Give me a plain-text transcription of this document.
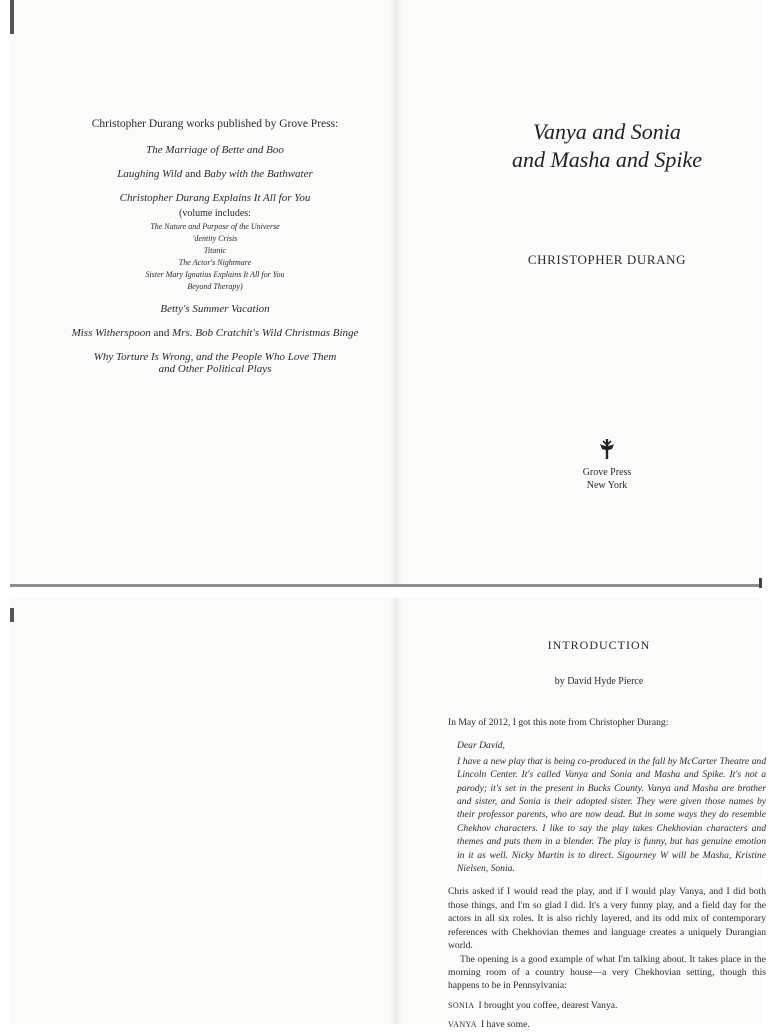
Christopher Durang works published by Grove Press:

The Marriage of Bette and Boo

Laughing Wild and Baby with the Bathwater

Christopher Durang Explains It All for You

(volume includes:

The Nature and Purpose of the Universe

'dentity Crisis

Titanic

The Actor's Nightmare

Sister Mary Ignatius Explains It All for You

Beyond Therapy)

Betty's Summer Vacation

Miss Witherspoon and Mrs. Bob Cratchit's Wild Christmas Binge

Why Torture Is Wrong, and the People Who Love Them
and Other Political Plays

Vanya and Sonia

and Masha and Spike

CHRISTOPHER DURANG

Grove Press

New York

INTRODUCTION
by David Hyde Pierce

In May of 2012, I got this note from Christopher Durang:

Dear David,
I have a new play that is being co-produced in the fall by McCarter Theatre and Lincoln Center. It's called Vanya and Sonia and Masha and Spike. It's not a parody; it's set in the present in Bucks County. Vanya and Masha are brother and sister, and Sonia is their adopted sister. They were given those names by their professor parents, who are now dead. But in some ways they do resemble Chekhov characters. I like to say the play takes Chekhovian characters and themes and puts them in a blender. The play is funny, but has genuine emotion in it as well. Nicky Martin is to direct. Sigourney W will be Masha, Kristine Nielsen, Sonia.

Chris asked if I would read the play, and if I would play Vanya, and I did both those things, and I'm so glad I did. It's a very funny play, and a field day for the actors in all six roles. It is also richly layered, and its odd mix of contemporary references with Chekhovian themes and language creates a uniquely Durangian world.

The opening is a good example of what I'm talking about. It takes place in the morning room of a country house—a very Chekhovian setting, though this happens to be in Pennsylvania:

SONIA I brought you coffee, dearest Vanya.

VANYA I have some.
